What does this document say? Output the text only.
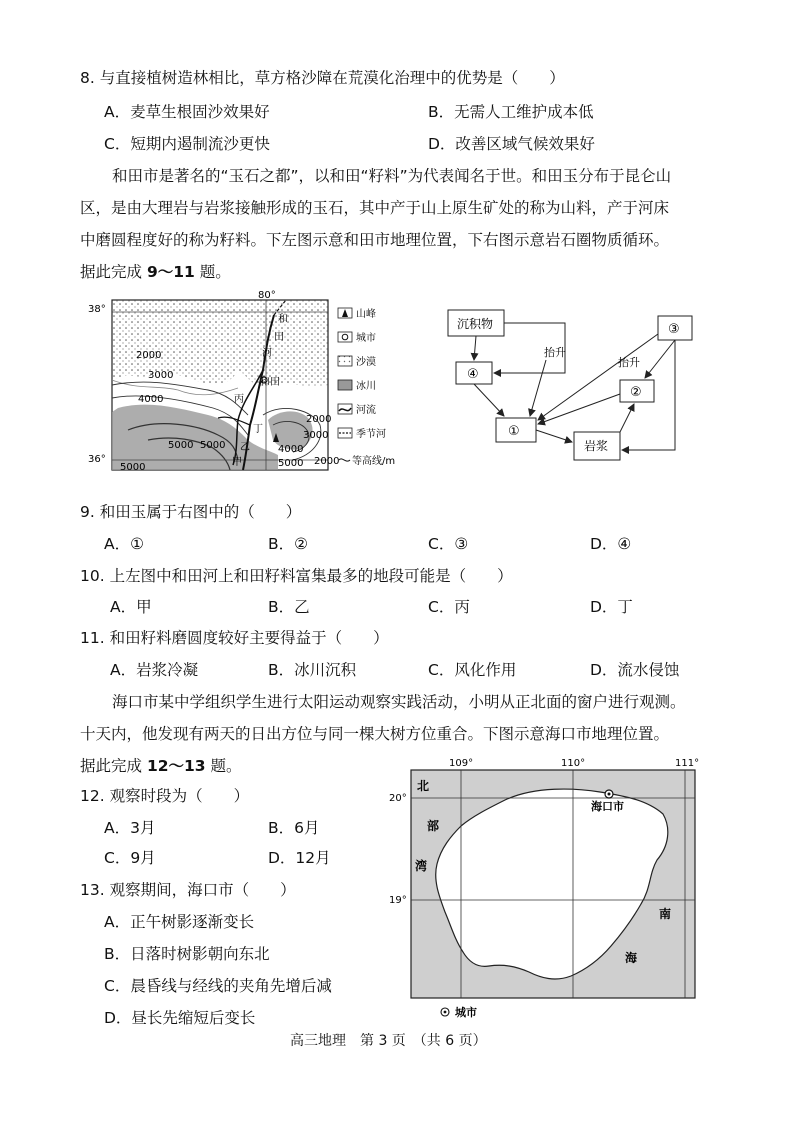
8. 与直接植树造林相比，草方格沙障在荒漠化治理中的优势是（　　）
A．麦草生根固沙效果好	B．无需人工维护成本低
C．短期内遏制流沙更快	D．改善区域气候效果好
和田市是著名的“玉石之都”，以和田“籽料”为代表闻名于世。和田玉分布于昆仑山
区，是由大理岩与岩浆接触形成的玉石，其中产于山上原生矿处的称为山料，产于河床
中磨圆程度好的称为籽料。下左图示意和田市地理位置，下右图示意岩石圈物质循环。
据此完成 9～11 题。
38°
36°
80°
和
田
河
和田
甲
乙
丙
丁
2000
3000
4000
5000
2000
3000
4000
5000
5000
5000
山峰
城市
沙漠
冰川
河流
季节河
2000 等高线/m
沉积物
④
①
岩浆
②
③
抬升
抬升
9. 和田玉属于右图中的（　　）
A．①	B．②	C．③	D．④
10. 上左图中和田河上和田籽料富集最多的地段可能是（　　）
A．甲	B．乙	C．丙	D．丁
11. 和田籽料磨圆度较好主要得益于（　　）
A．岩浆冷凝	B．冰川沉积	C．风化作用	D．流水侵蚀
海口市某中学组织学生进行太阳运动观察实践活动，小明从正北面的窗户进行观测。
十天内，他发现有两天的日出方位与同一棵大树方位重合。下图示意海口市地理位置。
据此完成 12～13 题。
12. 观察时段为（　　）
A．3月	B．6月
C．9月	D．12月
13. 观察期间，海口市（　　）
A．正午树影逐渐变长
B．日落时树影朝向东北
C．晨昏线与经线的夹角先增后减
D．昼长先缩短后变长
109°	110°	111°
20°
19°
海口市
北
部
湾
南
海
城市
高三地理　第 3 页　（共 6 页）
